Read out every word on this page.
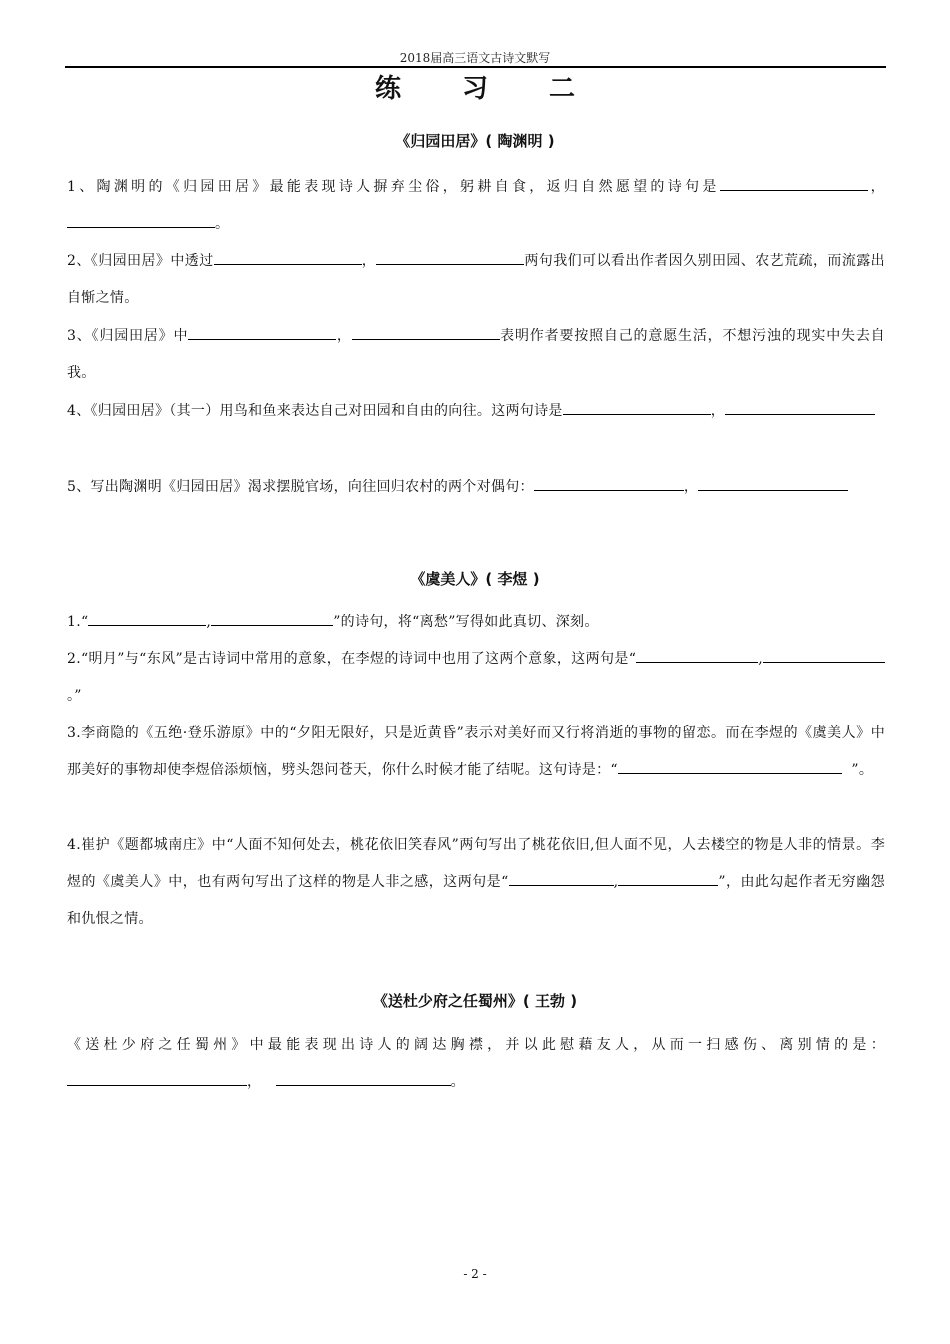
2018届高三语文古诗文默写
练 习 二
《归园田居》( 陶渊明 )
1、陶渊明的《归园田居》最能表现诗人摒弃尘俗，躬耕自食，返归自然愿望的诗句是	，。
2、《归园田居》中透过	，	两句我们可以看出作者因久别田园、农艺荒疏，而流露出自惭之情。
3、《归园田居》中	，	表明作者要按照自己的意愿生活，不想污浊的现实中失去自我。
4、《归园田居》（其一）用鸟和鱼来表达自己对田园和自由的向往。这两句诗是	，
5、写出陶渊明《归园田居》渴求摆脱官场，向往回归农村的两个对偶句：	，
《虞美人》( 李煜 )
1.“	,	”的诗句，将“离愁”写得如此真切、深刻。
2.“明月”与“东风”是古诗词中常用的意象，在李煜的诗词中也用了这两个意象，这两句是“	,。”
3.李商隐的《五绝·登乐游原》中的“夕阳无限好，只是近黄昏”表示对美好而又行将消逝的事物的留恋。而在李煜的《虞美人》中那美好的事物却使李煜倍添烦恼，劈头怨问苍天，你什么时候才能了结呢。这句诗是：“	”。
4.崔护《题都城南庄》中“人面不知何处去，桃花依旧笑春风”两句写出了桃花依旧,但人面不见，人去楼空的物是人非的情景。李煜的《虞美人》中，也有两句写出了这样的物是人非之感，这两句是“	,	”，由此勾起作者无穷幽怨和仇恨之情。
《送杜少府之任蜀州》( 王勃 )
《送杜少府之任蜀州》中最能表现出诗人的阔达胸襟，并以此慰藉友人，从而一扫感伤、离别情的是：，	。
- 2 -
